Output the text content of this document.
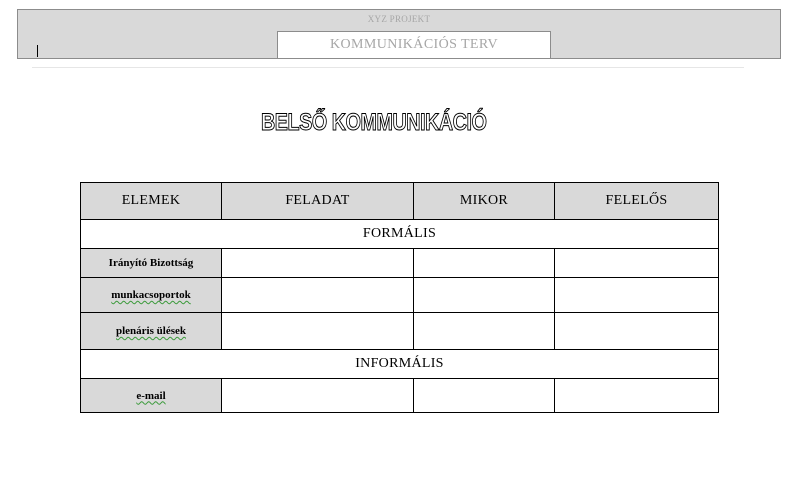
XYZ PROJEKT
KOMMUNIKÁCIÓS TERV
BELSŐ KOMMUNIKÁCIÓ
ELEMEK	FELADAT	MIKOR	FELELŐS
FORMÁLIS			
Irányító Bizottság			
munkacsoportok			
plenáris ülések			
INFORMÁLIS			
e-mail			
